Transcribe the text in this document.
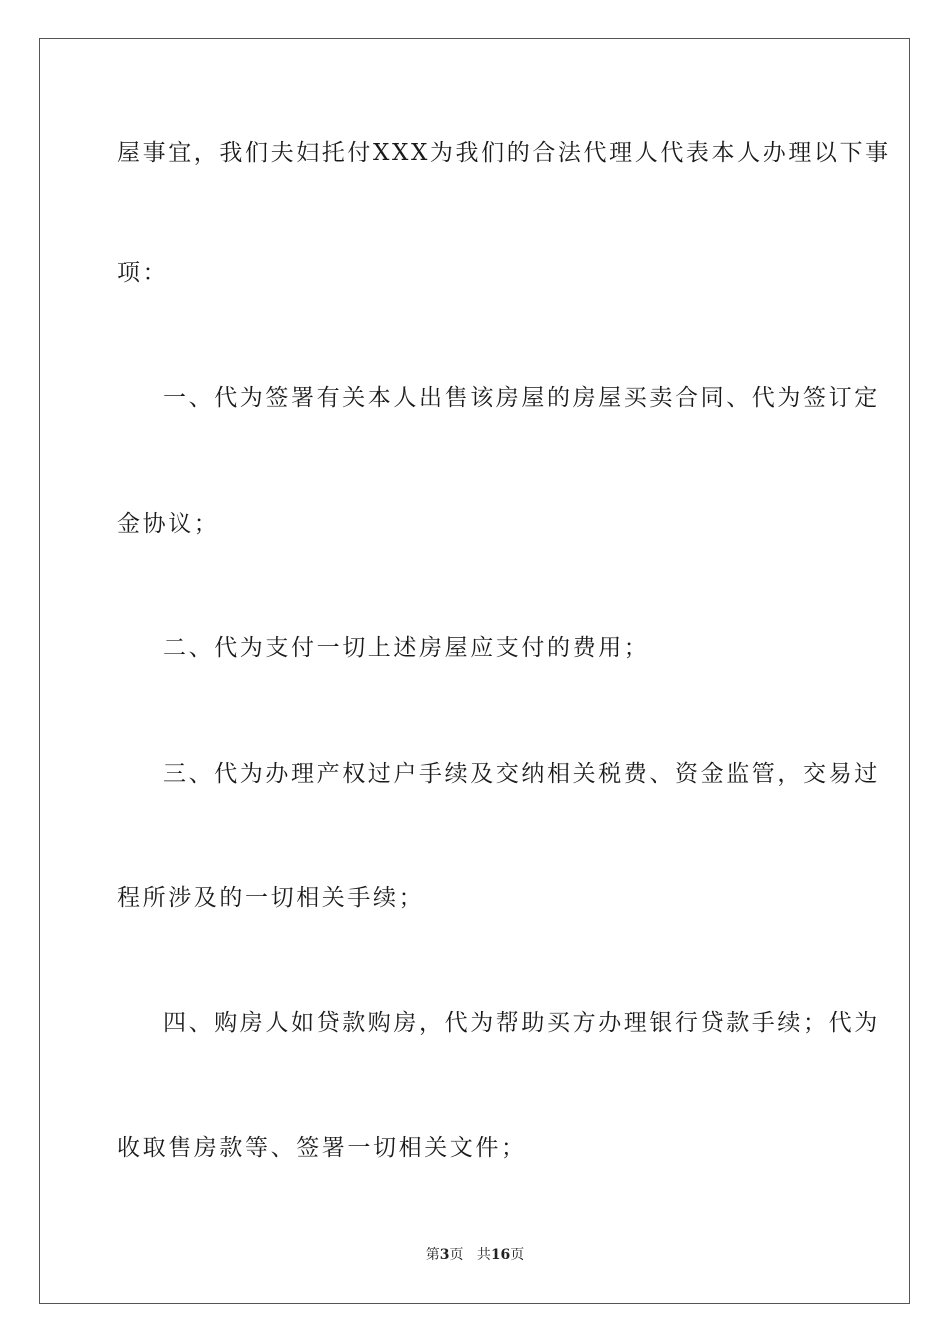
屋事宜，我们夫妇托付XXX为我们的合法代理人代表本人办理以下事
项：
一、代为签署有关本人出售该房屋的房屋买卖合同、代为签订定
金协议；
二、代为支付一切上述房屋应支付的费用；
三、代为办理产权过户手续及交纳相关税费、资金监管，交易过
程所涉及的一切相关手续；
四、购房人如贷款购房，代为帮助买方办理银行贷款手续；代为
收取售房款等、签署一切相关文件；
第3页 共16页
